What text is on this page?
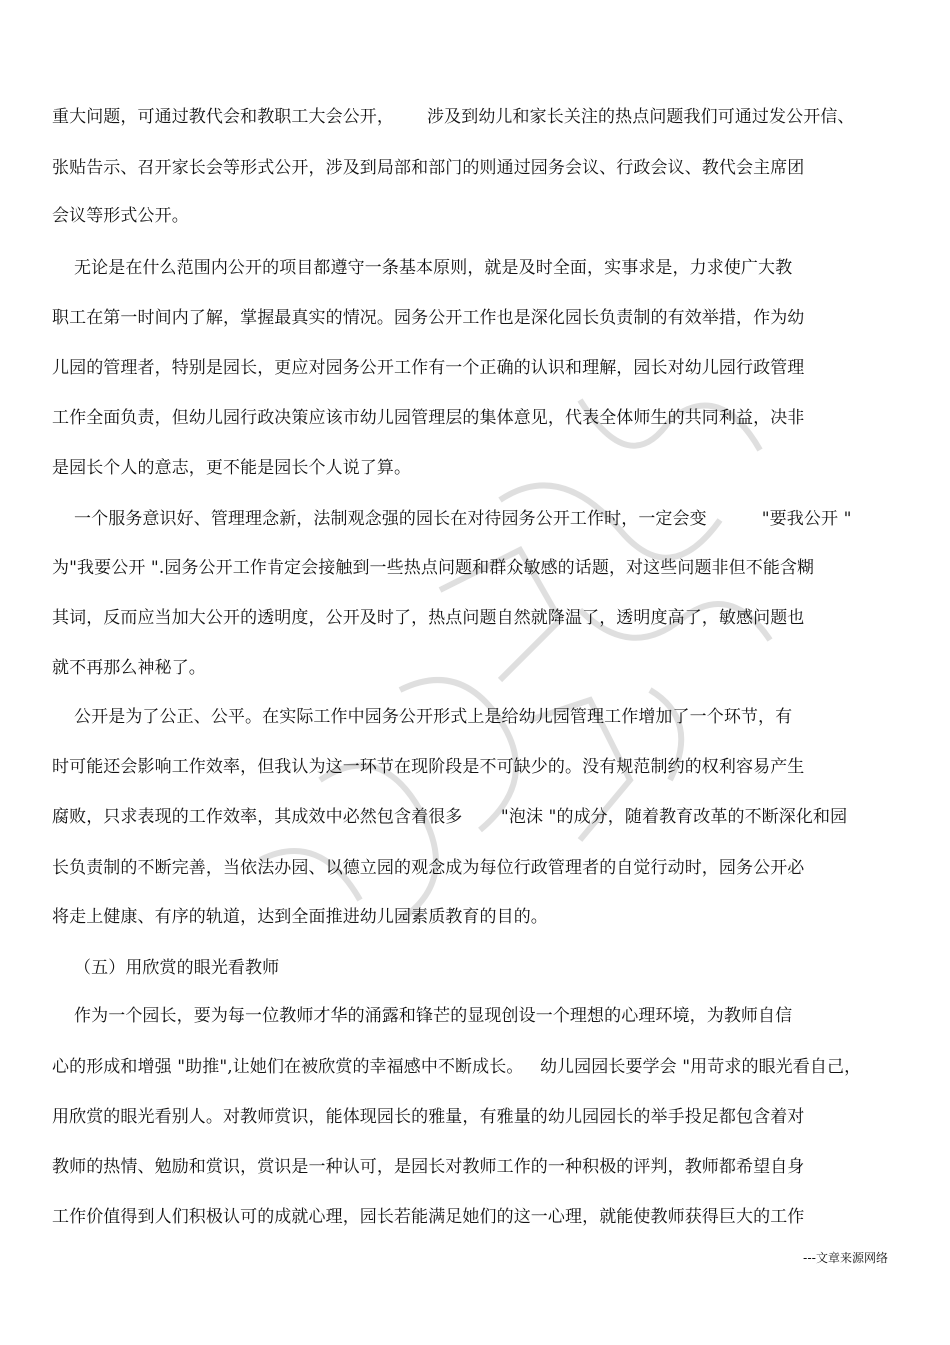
重大问题，可通过教代会和教职工大会公开，      涉及到幼儿和家长关注的热点问题我们可通过发公开信、
张贴告示、召开家长会等形式公开，涉及到局部和部门的则通过园务会议、行政会议、教代会主席团
会议等形式公开。
无论是在什么范围内公开的项目都遵守一条基本原则，就是及时全面，实事求是，力求使广大教
职工在第一时间内了解，掌握最真实的情况。园务公开工作也是深化园长负责制的有效举措，作为幼
儿园的管理者，特别是园长，更应对园务公开工作有一个正确的认识和理解，园长对幼儿园行政管理
工作全面负责，但幼儿园行政决策应该市幼儿园管理层的集体意见，代表全体师生的共同利益，决非
是园长个人的意志，更不能是园长个人说了算。
一个服务意识好、管理理念新，法制观念强的园长在对待园务公开工作时，一定会变          "要我公开 "
为"我要公开 ".园务公开工作肯定会接触到一些热点问题和群众敏感的话题，对这些问题非但不能含糊
其词，反而应当加大公开的透明度，公开及时了，热点问题自然就降温了，透明度高了，敏感问题也
就不再那么神秘了。
公开是为了公正、公平。在实际工作中园务公开形式上是给幼儿园管理工作增加了一个环节，有
时可能还会影响工作效率，但我认为这一环节在现阶段是不可缺少的。没有规范制约的权利容易产生
腐败，只求表现的工作效率，其成效中必然包含着很多       "泡沫 "的成分，随着教育改革的不断深化和园
长负责制的不断完善，当依法办园、以德立园的观念成为每位行政管理者的自觉行动时，园务公开必
将走上健康、有序的轨道，达到全面推进幼儿园素质教育的目的。
（五）用欣赏的眼光看教师
作为一个园长，要为每一位教师才华的涌露和锋芒的显现创设一个理想的心理环境，为教师自信
心的形成和增强 "助推",让她们在被欣赏的幸福感中不断成长。   幼儿园园长要学会 "用苛求的眼光看自己，
用欣赏的眼光看别人。对教师赏识，能体现园长的雅量，有雅量的幼儿园园长的举手投足都包含着对
教师的热情、勉励和赏识，赏识是一种认可，是园长对教师工作的一种积极的评判，教师都希望自身
工作价值得到人们积极认可的成就心理，园长若能满足她们的这一心理，就能使教师获得巨大的工作
---文章来源网络
